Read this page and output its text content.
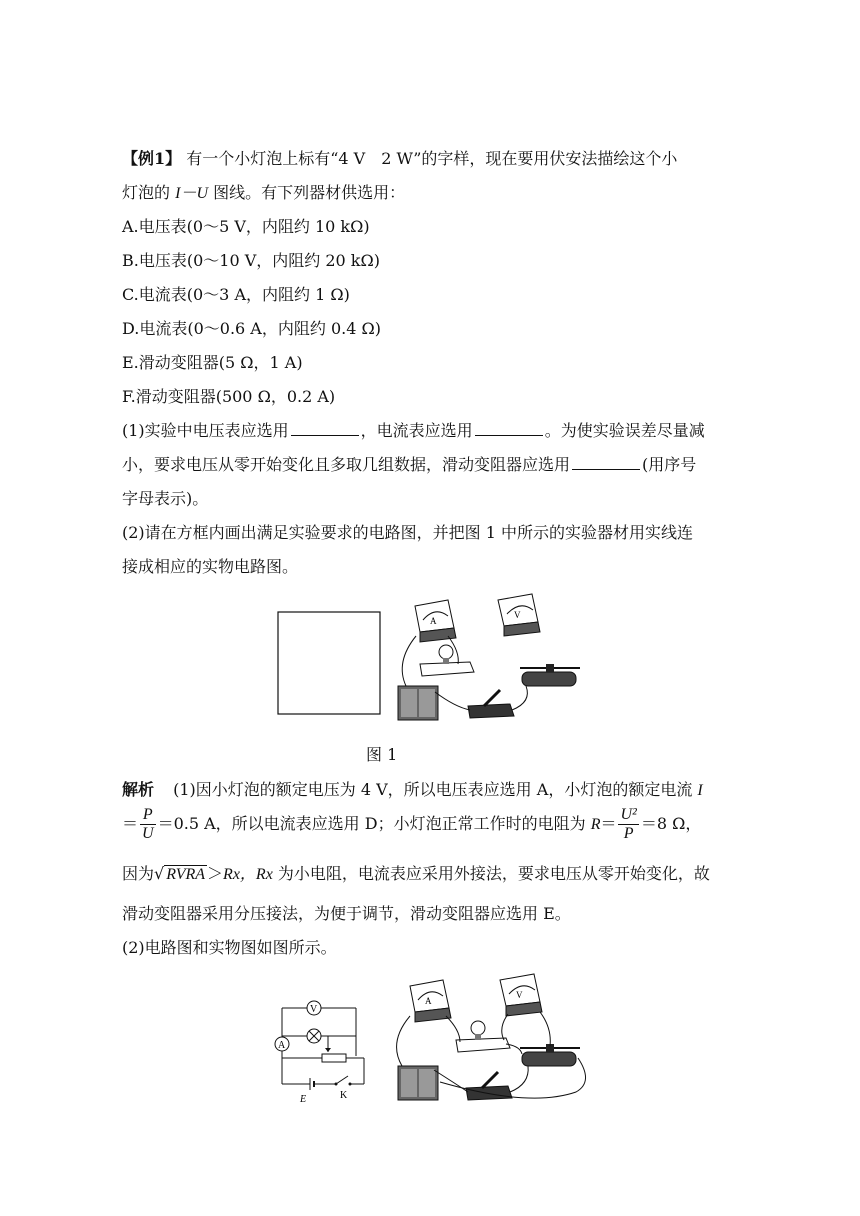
【例1】 有一个小灯泡上标有“4 V　2 W”的字样，现在要用伏安法描绘这个小
灯泡的 I－U 图线。有下列器材供选用：
A.电压表(0～5 V，内阻约 10 kΩ)
B.电压表(0～10 V，内阻约 20 kΩ)
C.电流表(0～3 A，内阻约 1 Ω)
D.电流表(0～0.6 A，内阻约 0.4 Ω)
E.滑动变阻器(5 Ω，1 A)
F.滑动变阻器(500 Ω，0.2 A)
(1)实验中电压表应选用	，电流表应选用	。为使实验误差尽量减
小，要求电压从零开始变化且多取几组数据，滑动变阻器应选用	(用序号
字母表示)。
(2)请在方框内画出满足实验要求的电路图，并把图 1 中所示的实验器材用实线连
接成相应的实物电路图。
A
V
图 1
解析 (1)因小灯泡的额定电压为 4 V，所以电压表应选用 A，小灯泡的额定电流 I
＝ $\frac{P}{U} =0.5$ A，所以电流表应选用 D；小灯泡正常工作时的电阻为 $R= \frac{\text{U²}}{P} =8$ Ω，
因为√ RVRA ＞Rx，Rx 为小电阻，电流表应采用外接法，要求电压从零开始变化，故
滑动变阻器采用分压接法，为便于调节，滑动变阻器应选用 E。
(2)电路图和实物图如图所示。
V
A
E	K
A
V
